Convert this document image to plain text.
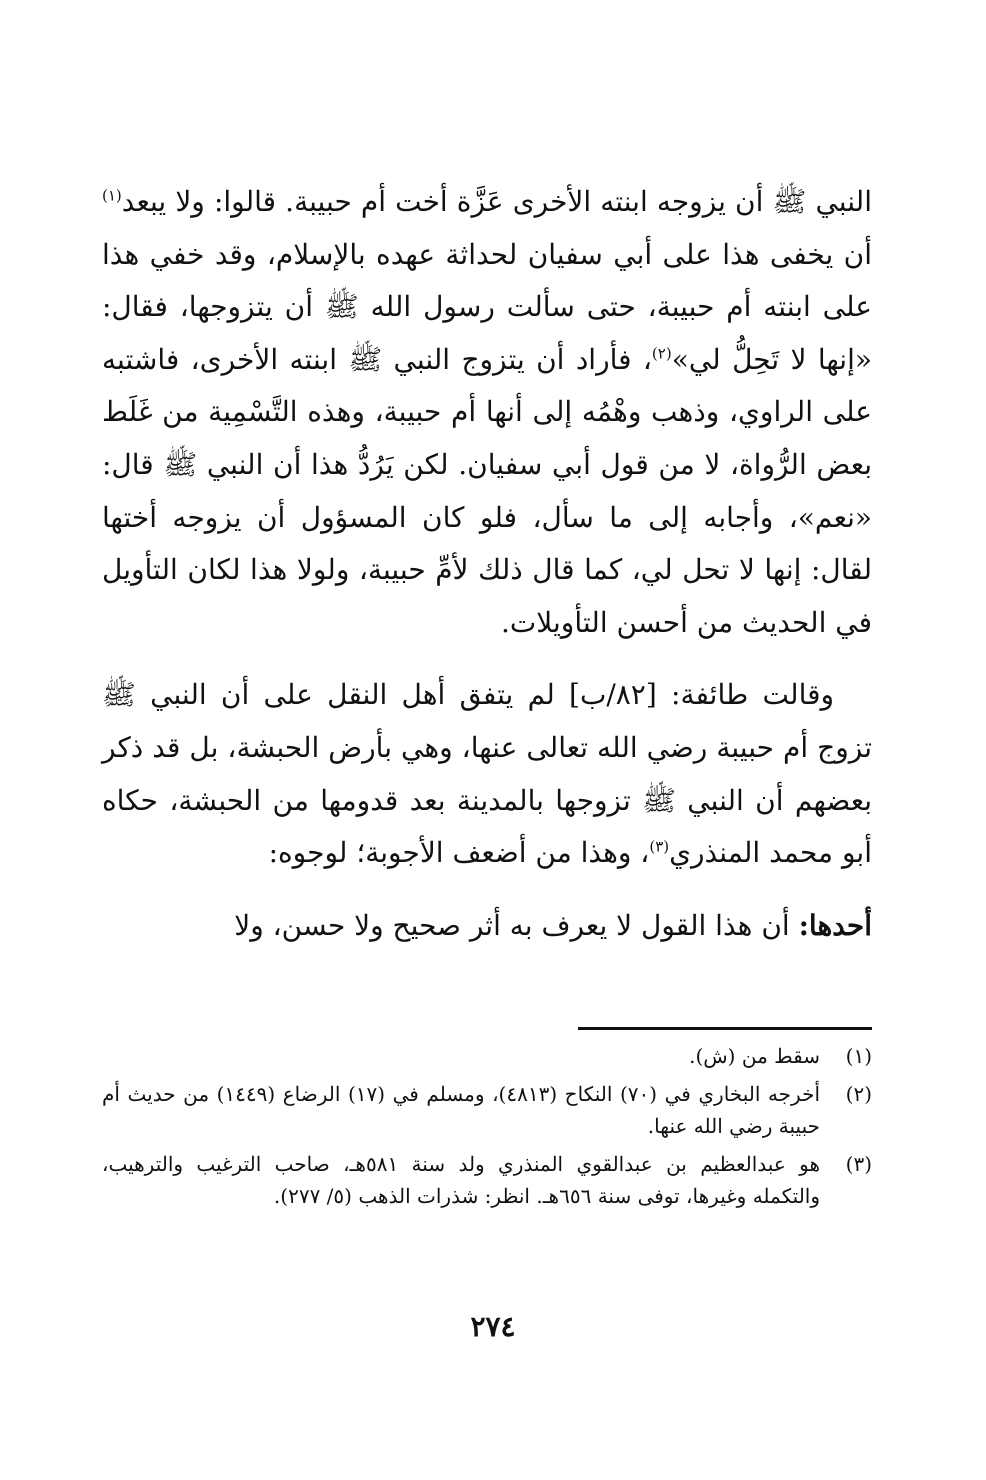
النبي ﷺ أن يزوجه ابنته الأخرى عَزَّة أخت أم حبيبة. قالوا: ولا يبعد$^{(١)}$ أن يخفى هذا على أبي سفيان لحداثة عهده بالإسلام، وقد خفي هذا على ابنته أم حبيبة، حتى سألت رسول الله ﷺ أن يتزوجها، فقال: «إنها لا تَحِلُّ لي»$^{(٢)}$، فأراد أن يتزوج النبي ﷺ ابنته الأخرى، فاشتبه على الراوي، وذهب وهْمُه إلى أنها أم حبيبة، وهذه التَّسْمِية من غَلَط بعض الرُّواة، لا من قول أبي سفيان. لكن يَرُدُّ هذا أن النبي ﷺ قال: «نعم»، وأجابه إلى ما سأل، فلو كان المسؤول أن يزوجه أختها لقال: إنها لا تحل لي، كما قال ذلك لأمِّ حبيبة، ولولا هذا لكان التأويل في الحديث من أحسن التأويلات.

وقالت طائفة: [٨٢/ب] لم يتفق أهل النقل على أن النبي ﷺ تزوج أم حبيبة رضي الله تعالى عنها، وهي بأرض الحبشة، بل قد ذكر بعضهم أن النبي ﷺ تزوجها بالمدينة بعد قدومها من الحبشة، حكاه أبو محمد المنذري$^{(٣)}$، وهذا من أضعف الأجوبة؛ لوجوه:

أحدها: أن هذا القول لا يعرف به أثر صحيح ولا حسن، ولا

(١)
سقط من (ش).
(٢)
أخرجه البخاري في (٧٠) النكاح (٤٨١٣)، ومسلم في (١٧) الرضاع (١٤٤٩) من حديث أم حبيبة رضي الله عنها.
(٣)
هو عبدالعظيم بن عبدالقوي المنذري ولد سنة ٥٨١هـ، صاحب الترغيب والترهيب، والتكمله وغيرها، توفى سنة ٦٥٦هـ. انظر: شذرات الذهب (٥/ ٢٧٧).
٢٧٤
